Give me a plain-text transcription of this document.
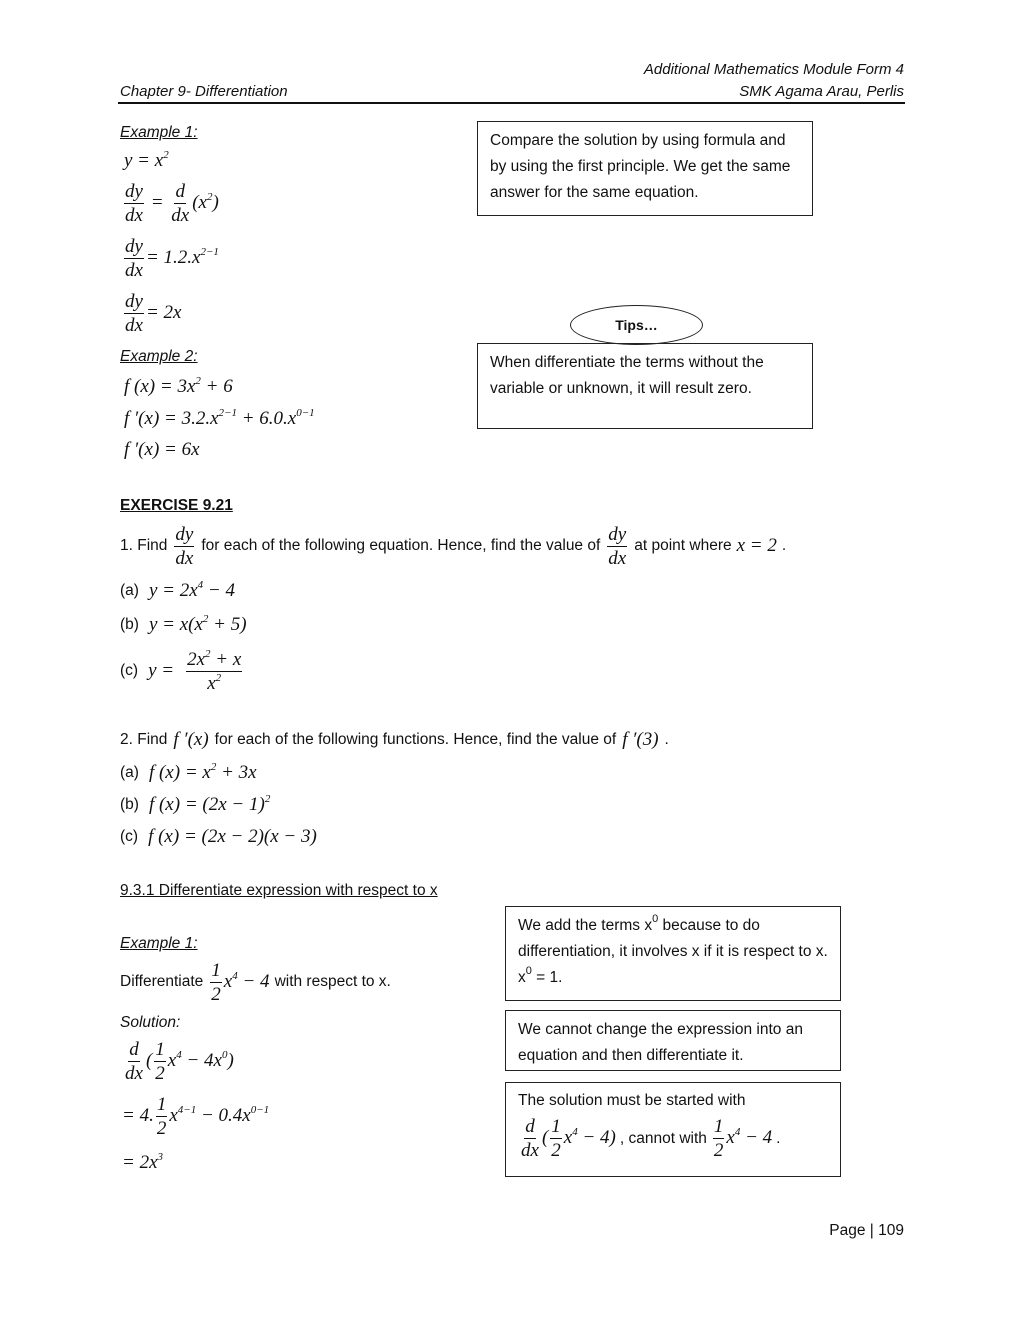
Additional Mathematics Module Form 4
Chapter 9- Differentiation	SMK Agama Arau, Perlis
Example 1:
$y = x^2$
$\frac{dy}{dx} = \frac{d}{dx} (x^2)$
$\frac{dy}{dx} = 1.2.x^{2-1}$
$\frac{dy}{dx} = 2x$
Example 2:
f $(x) = 3x^2 + 6$
f $'(x) = 3.2.x^{2-1} + 6.0.x^{0-1}$
f ′(x) = 6x
Compare the solution by using formula and by using the first principle. We get the same answer for the same equation.
Tips…
When differentiate the terms without the variable or unknown, it will result zero.
EXERCISE 9.21
1. Find $\frac{dy}{dx}$ for each of the following equation. Hence, find the value of $\frac{dy}{dx}$ at point where x = 2 .
(a) $y = 2x^4 - 4$
(b) $y = x(x^2 + 5)$
(c) $y = \frac{2x^2 + x}{x^2}$
2. Find f ′(x) for each of the following functions. Hence, find the value of f ′(3) .
(a) f $(x) = x^2 + 3x$
(b) f $(x) = (2x - 1)^2$
(c) f (x) = (2x − 2)(x − 3)
9.3.1 Differentiate expression with respect to x
Example 1:
Differentiate $\frac{1}{2} x^4 - 4$ with respect to x.
Solution:
$\frac{d}{dx}$ ( $\frac{1}{2} x^4 - 4x^0$)
= 4. $\frac{1}{2} x^{4-1} - 0.4x^{0-1}$
= $2x^3$
We add the terms $x^0$ because to do differentiation, it involves x if it is respect to x. $x^0 = 1$.
We cannot change the expression into an equation and then differentiate it.
The solution must be started with
$\frac{d}{dx}$ ( $\frac{1}{2} x^4 - 4$) , cannot with $\frac{1}{2} x^4 - 4$ .
Page | 109
